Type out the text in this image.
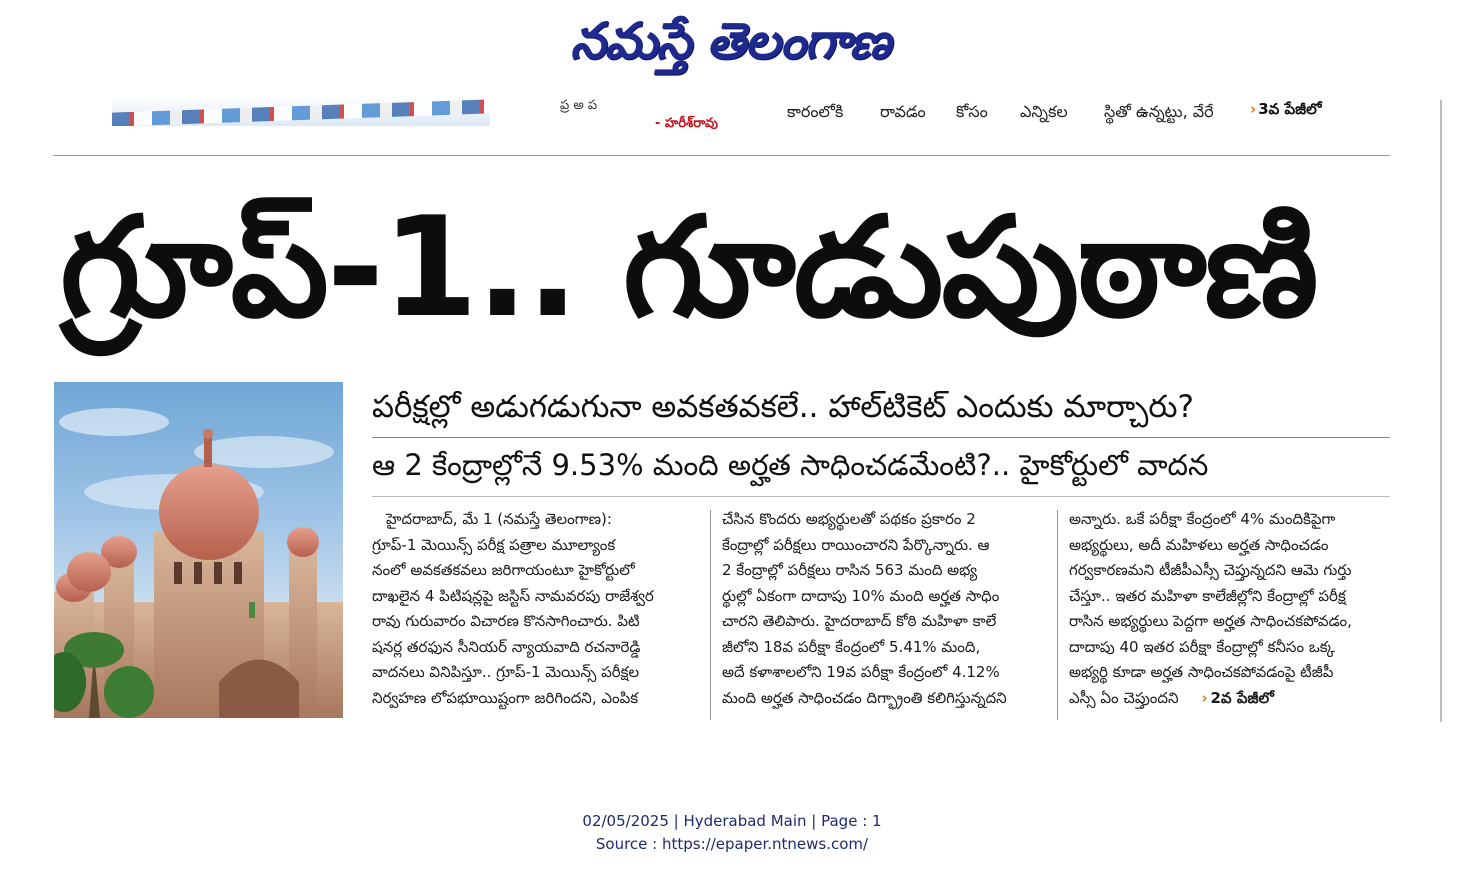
నమస్తే తెలంగాణ
ప్ర అ ప
- హరీశ్‌రావు
కారంలోకి రావడం కోసం ఎన్నికల స్థితో ఉన్నట్టు, వేరే › 3వ పేజీలో
గ్రూప్-1.. గూడుపుఠాణి
పరీక్షల్లో అడుగడుగునా అవకతవకలే.. హాల్‌టికెట్ ఎందుకు మార్చారు?
ఆ 2 కేంద్రాల్లోనే 9.53% మంది అర్హత సాధించడమేంటి?.. హైకోర్టులో వాదన

హైదరాబాద్, మే 1 (నమస్తే తెలంగాణ):

గ్రూప్-1 మెయిన్స్ పరీక్ష పత్రాల మూల్యాంక

నంలో అవకతకవలు జరిగాయంటూ హైకోర్టులో

దాఖలైన 4 పిటిషన్లపై జస్టిస్ నామవరపు రాజేశ్వర

రావు గురువారం విచారణ కొనసాగించారు. పిటి

షనర్ల తరఫున సీనియర్ న్యాయవాది రచనారెడ్డి

వాదనలు వినిపిస్తూ.. గ్రూప్-1 మెయిన్స్ పరీక్షల

నిర్వహణ లోపభూయిష్టంగా జరిగిందని, ఎంపిక

చేసిన కొందరు అభ్యర్థులతో పథకం ప్రకారం 2

కేంద్రాల్లో పరీక్షలు రాయించారని పేర్కొన్నారు. ఆ

2 కేంద్రాల్లో పరీక్షలు రాసిన 563 మంది అభ్య

ర్థుల్లో ఏకంగా దాదాపు 10% మంది అర్హత సాధిం

చారని తెలిపారు. హైదరాబాద్ కోఠి మహిళా కాలే

జీలోని 18వ పరీక్షా కేంద్రంలో 5.41% మంది,

అదే కళాశాలలోని 19వ పరీక్షా కేంద్రంలో 4.12%

మంది అర్హత సాధించడం దిగ్భ్రాంతి కలిగిస్తున్నదని

అన్నారు. ఒకే పరీక్షా కేంద్రంలో 4% మందికిపైగా

అభ్యర్థులు, అదీ మహిళలు అర్హత సాధించడం

గర్వకారణమని టీజీపీఎస్సీ చెప్తున్నదని ఆమె గుర్తు

చేస్తూ.. ఇతర మహిళా కాలేజీల్లోని కేంద్రాల్లో పరీక్ష

రాసిన అభ్యర్థులు పెద్దగా అర్హత సాధించకపోవడం,

దాదాపు 40 ఇతర పరీక్షా కేంద్రాల్లో కనీసం ఒక్క

అభ్యర్థి కూడా అర్హత సాధించకపోవడంపై టీజీపీ

ఎస్సీ ఏం చెప్తుందని › 2వ పేజీలో

02/05/2025 | Hyderabad Main | Page : 1
Source : https://epaper.ntnews.com/
